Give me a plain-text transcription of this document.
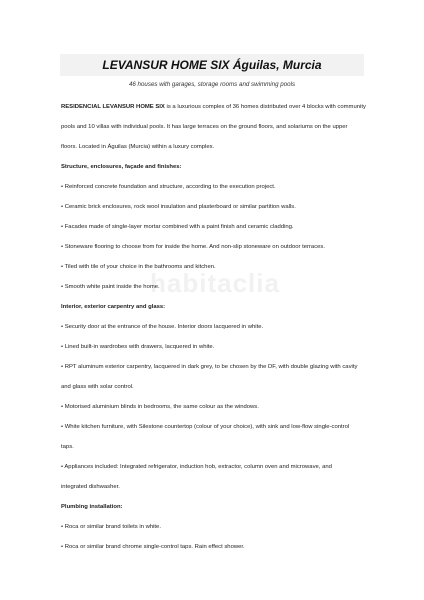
LEVANSUR HOME SIX Águilas, Murcia
46 houses with garages, storage rooms and swimming pools
RESIDENCIAL LEVANSUR HOME SIX is a luxurious complex of 36 homes distributed over 4 blocks with community
pools and 10 villas with individual pools. It has large terraces on the ground floors, and solariums on the upper
floors. Located in Águilas (Murcia) within a luxury complex.
Structure, enclosures, façade and finishes:
• Reinforced concrete foundation and structure, according to the execution project.
• Ceramic brick enclosures, rock wool insulation and plasterboard or similar partition walls.
• Facades made of single-layer mortar combined with a paint finish and ceramic cladding.
• Stoneware flooring to choose from for inside the home. And non-slip stoneware on outdoor terraces.
• Tiled with tile of your choice in the bathrooms and kitchen.
• Smooth white paint inside the home.
Interior, exterior carpentry and glass:
• Security door at the entrance of the house. Interior doors lacquered in white.
• Lined built-in wardrobes with drawers, lacquered in white.
• RPT aluminum exterior carpentry, lacquered in dark grey, to be chosen by the DF, with double glazing with cavity
and glass with solar control.
• Motorised aluminium blinds in bedrooms, the same colour as the windows.
• White kitchen furniture, with Silestone countertop (colour of your choice), with sink and low-flow single-control
taps.
• Appliances included: Integrated refrigerator, induction hob, extractor, column oven and microwave, and
integrated dishwasher.
Plumbing installation:
• Roca or similar brand toilets in white.
• Roca or similar brand chrome single-control taps. Rain effect shower.
habitaclia
